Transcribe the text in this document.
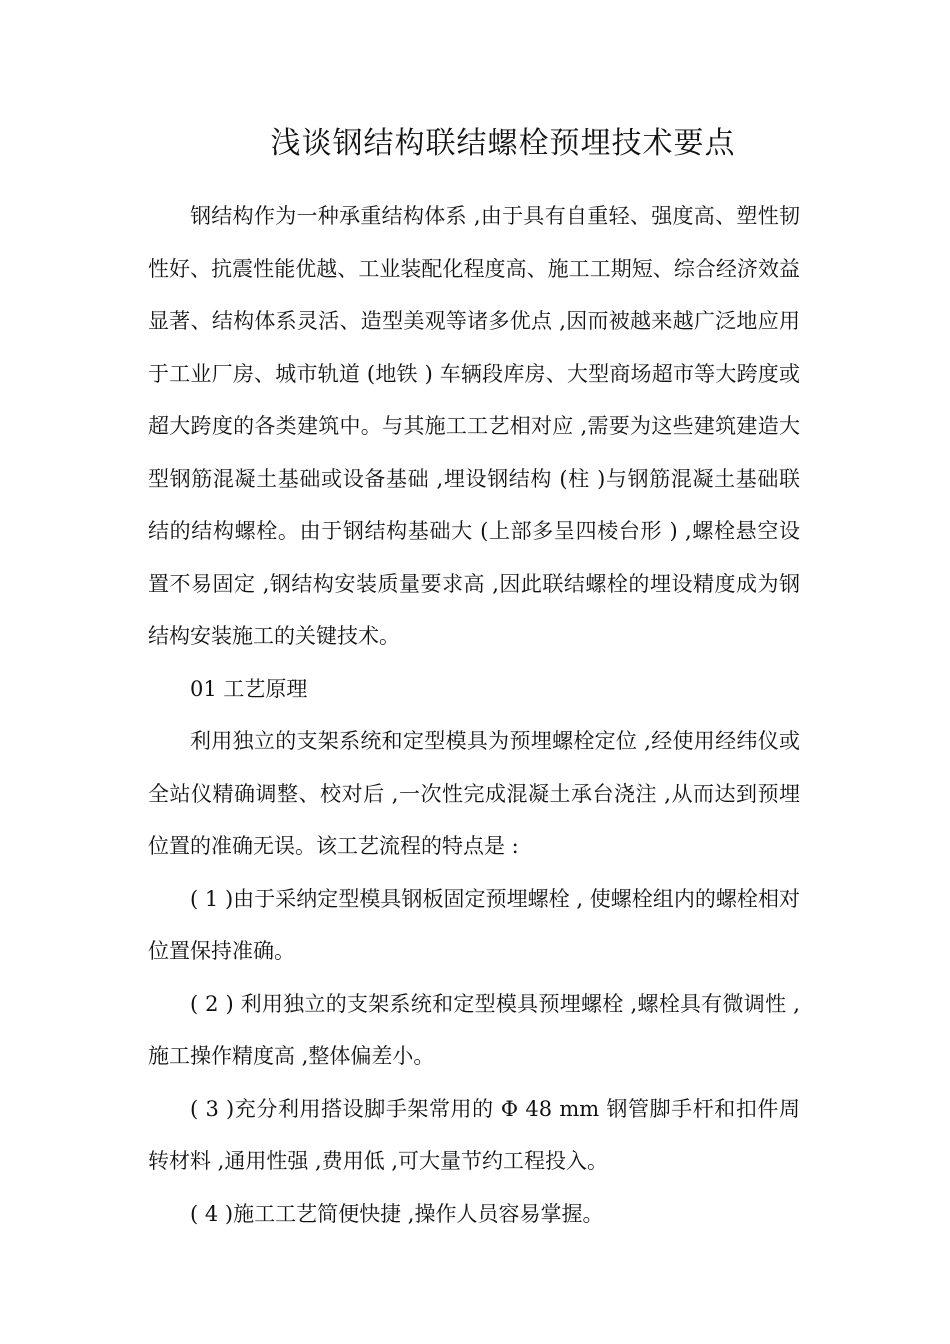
浅谈钢结构联结螺栓预埋技术要点

钢结构作为一种承重结构体系 ,由于具有自重轻、强度高、塑性韧性好、抗震性能优越、工业装配化程度高、施工工期短、综合经济效益显著、结构体系灵活、造型美观等诸多优点 ,因而被越来越广泛地应用于工业厂房、城市轨道 (地铁 ) 车辆段库房、大型商场超市等大跨度或超大跨度的各类建筑中。与其施工工艺相对应 ,需要为这些建筑建造大型钢筋混凝土基础或设备基础 ,埋设钢结构 (柱 )与钢筋混凝土基础联结的结构螺栓。由于钢结构基础大 (上部多呈四棱台形 ) ,螺栓悬空设置不易固定 ,钢结构安装质量要求高 ,因此联结螺栓的埋设精度成为钢结构安装施工的关键技术。

01 工艺原理

利用独立的支架系统和定型模具为预埋螺栓定位 ,经使用经纬仪或全站仪精确调整、校对后 ,一次性完成混凝土承台浇注 ,从而达到预埋位置的准确无误。该工艺流程的特点是 :

( 1 )由于采纳定型模具钢板固定预埋螺栓 , 使螺栓组内的螺栓相对位置保持准确。

( 2 ) 利用独立的支架系统和定型模具预埋螺栓 ,螺栓具有微调性 ,施工操作精度高 ,整体偏差小。

( 3 )充分利用搭设脚手架常用的 Φ 48 mm 钢管脚手杆和扣件周转材料 ,通用性强 ,费用低 ,可大量节约工程投入。

( 4 )施工工艺简便快捷 ,操作人员容易掌握。
